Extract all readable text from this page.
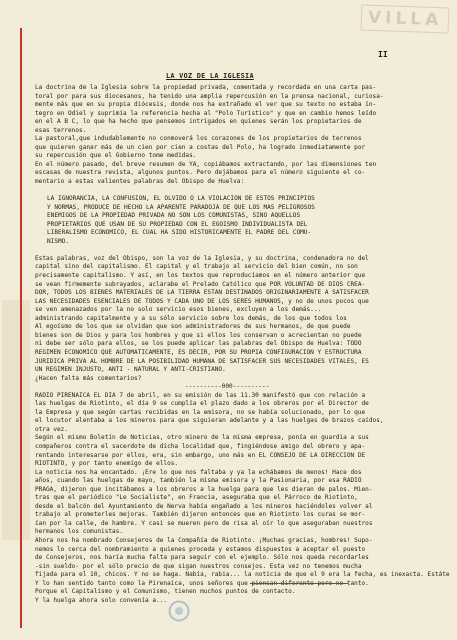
VILLA
II
LA VOZ DE LA IGLESIA
La doctrina de la Iglesia sobre la propiedad privada, comentada y recordada en una carta pas-
toral por para sus diocesanos, ha tenido una amplia repercusión en la prensa nacional, curiosa-
mente más que en su propia diócesis, donde nos ha extrañado el ver que su texto no estaba ín-
tegro en Odiel y suprimía la referencia hecha al "Polo Turístico" y que en cambio hemos leído
en el A B C, lo que ha hecho que pensemos intrigados en quienes serán los propietarios de
esas terrenos.
La pastoral,que indudablemente no conmoverá los corazones de los propietarios de terrenos
que quieren ganar más de un cien por cien a costas del Polo, ha logrado inmediatamente por
su repercusión que el Gobierno tome medidas.
En el número pasado, del breve resumen de YA, copiábamos extractando, por las dimensiones ten
escasas de nuestra revista, algunos puntos. Pero dejábamos para el número siguiente el co-
mentario a estas valientes palabras del Obispo de Huelva:

LA IGNORANCIA, LA CONFUSION, EL OLVIDO O LA VIOLACION DE ESTOS PRINCIPIOS
Y NORMAS, PRODUCE DE HECHO LA APARENTE PARADOJA DE QUE LOS MAS PELIGROSOS
ENEMIGOS DE LA PROPIEDAD PRIVADA NO SON LOS COMUNISTAS, SINO AQUELLOS
PROPIETARIOS QUE USAN DE SU PROPIEDAD CON EL EGOISMO INDIVIDUALISTA DEL
LIBERALISMO ECONOMICO, EL CUAL HA SIDO HISTORICAMENTE EL PADRE DEL COMU-
NISMO.

Estas palabras, voz del Obispo, son la voz de la Iglesia, y su doctrina, condenadora no del
capital sino del capitalismo. El capital y el trabajo al servicio del bien común, no son
precisamente capitalismo. Y así, en los textos que reproducíamos en el número anterior que
se vean firmemente subrayados, aclarabe el Prelado Católico que POR VOLUNTAD DE DIOS CREA-
DOR, TODOS LOS BIENES MATERIALES DE LA TIERRA ESTAN DESTINADOS ORIGINARIAMENTE A SATISFACER
LAS NECESIDADES ESENCIALES DE TODOS Y CADA UNO DE LOS SERES HUMANOS, y no de unos pocos que
se ven amenazados por la no solo servicio esos bienes, excluyen a los demás...
administrando capitalmente y a su sólo servicio sobre los demás, de los que todos los
Al egoísmo de los que se olvidan que son administradores de sus hermanos, de que puede
bienes son de Dios y para los hombres y que si ellos los conservan o acrecientan no puede
ni debe ser sólo para ellos, se los puede aplicar las palabras del Obispo de Huelva: TODO
REGIMEN ECONOMICO QUE AUTOMATICAMENTE, ES DECIR, POR SU PROPIA CONFIGURACION Y ESTRUCTURA
JURIDICA PRIVA AL HOMBRE DE LA POSIBILIDAD HUMANA DE SATISFACER SUS NECESIDADES VITALES, ES
UN REGIMEN INJUSTO, ANTI - NATURAL Y ANTI-CRISTIANO.
¿Hacen falta más comentarios?

----------000----------
RADIO PIRENAICA EL DIA 7 de abril, en su emisión de las 11.30 manifestó que con relación a
las huelgas de Riotinto, el día 9 se cumplía el plazo dado a los obreros por el Director de
la Empresa y que según cartas recibidas en la emisora, no se había solucionado, por lo que
el locutor alentaba a los mineros para que siguieran adelante y a las huelgas de brazos caídos,
otra vez.
Según el mismo Boletín de Noticias, otro minero de la misma empresa, ponía en guardia a sus
compañeros contra el sacerdote de dicha localidad que, fingiéndose amigo del obrero y apa-
rentando interesarse por ellos, era, sin embargo, uno más en EL CONSEJO DE LA DIRECCION DE
RIOTINTO, y por tanto enemigo de ellos.
La noticia nos ha encantado. ¡Ere lo que nos faltaba y ya la echábamos de menos! Hace dos
años, cuando las huelgas de mayo, también la misma emisora y la Pasionaria, por esa RADIO
PRAGA, dijeron que incitábamos a los obreros a la huelga para que les dieran de palos. Mien-
tras que el periódico "Le Socialiste", en Francia, aseguraba que el Párroco de Riotinto,
desde el balcón del Ayuntamiento de Nerva había engañado a los mineros haciéndoles volver al
trabajo al prometerles mejoras. También dijeron entonces que en Riotinto los curas se mor-
ían por la calle, de hambre. Y casi se mueren pero de risa al oír lo que aseguraban nuestros
hermanos los comunistas.
Ahora nos ha nombrado Consejeros de la Compañía de Riotinto. ¡Muchas gracias, hombres! Supo-
nemos lo cerca del nombramiento a quienes proceda y estamos dispuestos a aceptar el puesto
de Consejeros, nos haría mucha falta para seguir con el ejemplo. Sólo nos queda recordarles
-sin sueldo- por el sólo precio de que sigan nuestros consejos. Esta vez no tenemos mucha
fijada para el 10, chicos. Y no se haga. Nabía, rabia... la noticia de que el 9 era la fecha, es inexacta. Estáte
Y lo han sentido tanto como la Pirenaica, unos señores que     tanto.
Porque el Capitalismo y el Comunismo, tienen muchos puntos de contacto.
Y la huelga ahora solo convenía a...
